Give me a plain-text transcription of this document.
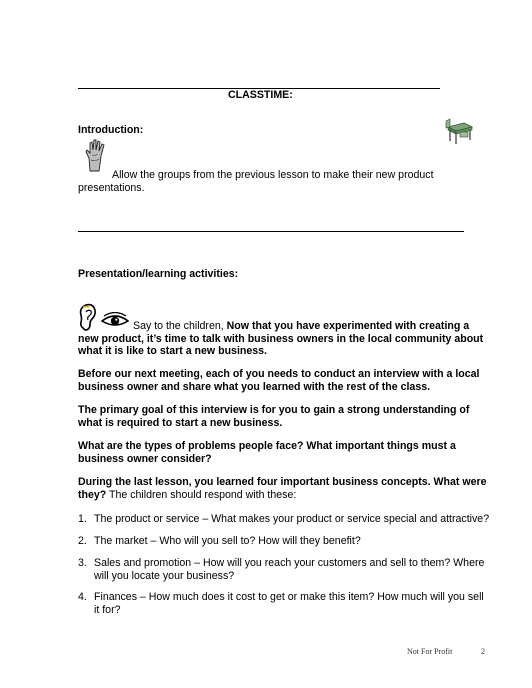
CLASSTIME:
Introduction:
Allow the groups from the previous lesson to make their new product presentations.
Presentation/learning activities:
Say to the children, Now that you have experimented with creating a new product, it’s time to talk with business owners in the local community about what it is like to start a new business.
Before our next meeting, each of you needs to conduct an interview with a local business owner and share what you learned with the rest of the class.
The primary goal of this interview is for you to gain a strong understanding of what is required to start a new business.
What are the types of problems people face? What important things must a business owner consider?
During the last lesson, you learned four important business concepts. What were they? The children should respond with these:
1. The product or service – What makes your product or service special and attractive?
2. The market – Who will you sell to? How will they benefit?
3. Sales and promotion – How will you reach your customers and sell to them? Where will you locate your business?
4. Finances – How much does it cost to get or make this item? How much will you sell it for?
Not For Profit	2
